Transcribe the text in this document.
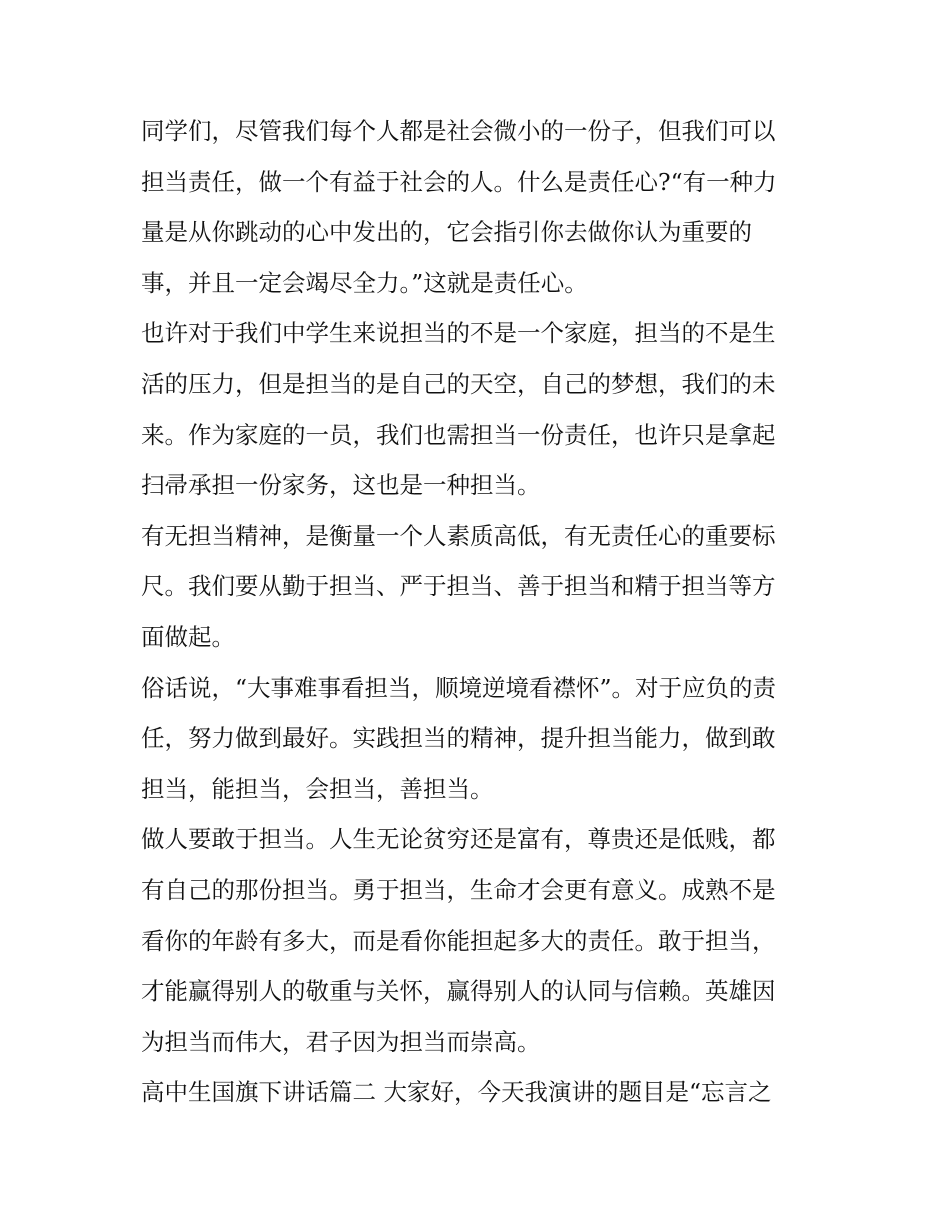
同学们，尽管我们每个人都是社会微小的一份子，但我们可以
担当责任，做一个有益于社会的人。什么是责任心?“有一种力
量是从你跳动的心中发出的，它会指引你去做你认为重要的
事，并且一定会竭尽全力。”这就是责任心。
也许对于我们中学生来说担当的不是一个家庭，担当的不是生
活的压力，但是担当的是自己的天空，自己的梦想，我们的未
来。作为家庭的一员，我们也需担当一份责任，也许只是拿起
扫帚承担一份家务，这也是一种担当。
有无担当精神，是衡量一个人素质高低，有无责任心的重要标
尺。我们要从勤于担当、严于担当、善于担当和精于担当等方
面做起。
俗话说，“大事难事看担当，顺境逆境看襟怀”。对于应负的责
任，努力做到最好。实践担当的精神，提升担当能力，做到敢
担当，能担当，会担当，善担当。
做人要敢于担当。人生无论贫穷还是富有，尊贵还是低贱，都
有自己的那份担当。勇于担当，生命才会更有意义。成熟不是
看你的年龄有多大，而是看你能担起多大的责任。敢于担当，
才能赢得别人的敬重与关怀，赢得别人的认同与信赖。英雄因
为担当而伟大，君子因为担当而崇高。
高中生国旗下讲话篇二 大家好，今天我演讲的题目是“忘言之
